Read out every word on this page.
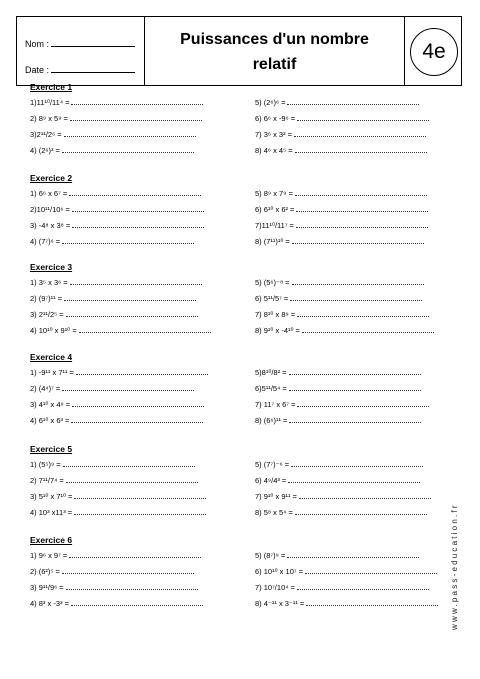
Nom :
Date :
Puissances d'un nombre
relatif
4e
Exercice 1
1)11¹⁰/11⁴ =
2) 8⁹ x 5⁹ =
3)2¹¹/2⁶ =
4) (2⁶)³ =
5) (2⁶)⁶ =
6) 6⁶ x -9⁶ =
7) 3⁶ x 3² =
8) 4⁶ x 4⁵ =
Exercice 2
1) 6⁶ x 6⁷ =
2)10¹¹/10⁶ =
3) -4⁸ x 3⁸ =
4) (7⁷)⁶ =
5) 8⁹ x 7⁹ =
6) 6¹⁰ x 6² =
7)11¹⁰/11⁷ =
8) (7¹¹)¹⁰ =
Exercice 3
1) 3⁵ x 3⁶ =
2) (9⁷)¹¹ =
3) 2¹¹/2⁵ =
4) 10¹⁰ x 9¹⁰ =
5) (5⁶)⁻⁸ =
6) 5¹¹/5⁷ =
7) 8¹⁰ x 8⁹ =
8) 9¹⁰ x -4¹⁰ =
Exercice 4
1) -9¹¹ x 7¹¹ =
2) (4⁴)⁷ =
3) 4¹⁰ x 4⁹ =
4) 6¹⁰ x 6³ =
5)8¹⁰/8² =
6)5¹¹/5⁴ =
7) 11⁷ x 6⁷ =
8) (6⁶)¹¹ =
Exercice 5
1) (5⁵)⁹ =
2) 7¹¹/7⁴ =
3) 5¹⁰ x 7¹⁰ =
4) 10³ x11³ =
5) (7⁷)⁻⁶ =
6) 4⁹/4³ =
7) 9¹⁰ x 9¹¹ =
8) 5⁸ x 5⁴ =
Exercice 6
1) 9⁶ x 9⁷ =
2) (6²)⁵ =
3) 9¹¹/9⁶ =
4) 8³ x -3³ =
5) (8⁷)⁹ =
6) 10¹⁰ x 10⁷ =
7) 10⁷/10⁴ =
8) 4⁻¹¹ x 3⁻¹¹ =	www.pass-education.fr
